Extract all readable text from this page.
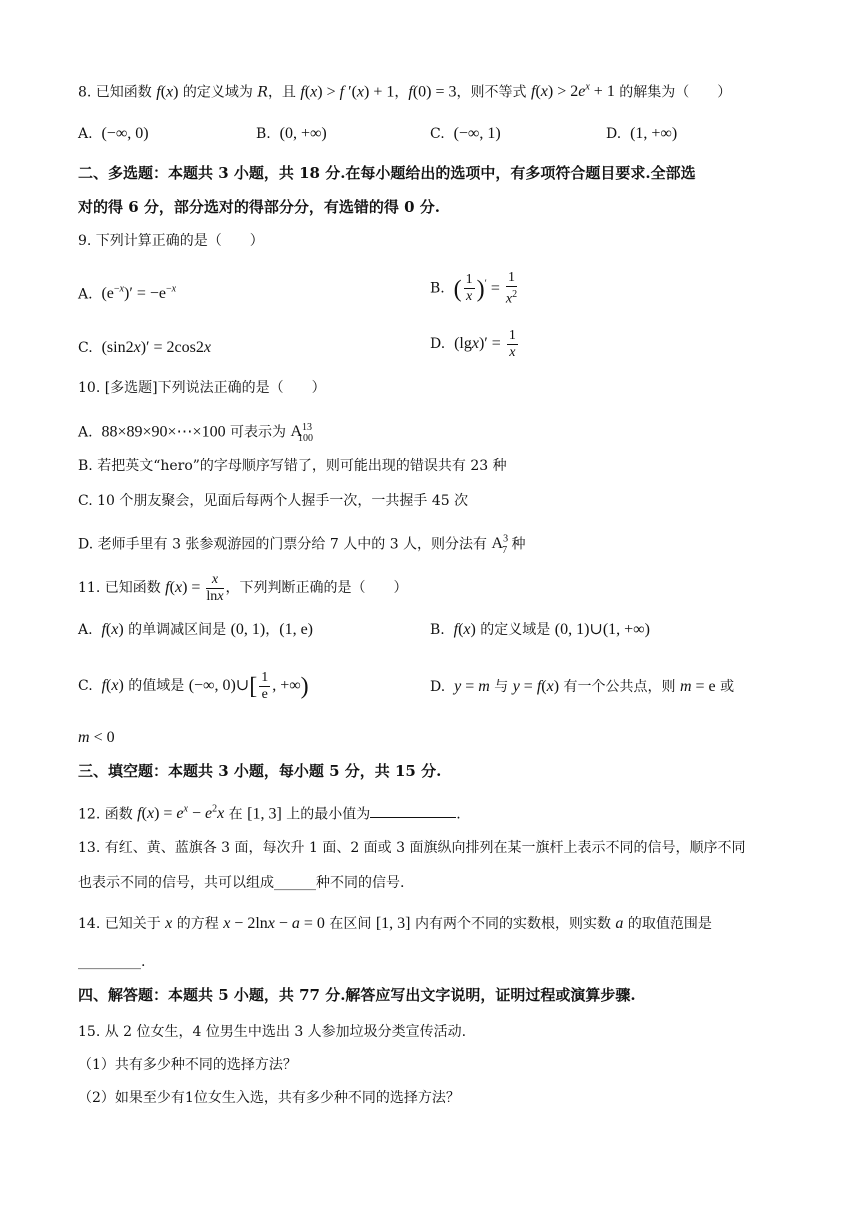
8. 已知函数 f(x) 的定义域为 R，且 f(x) > f ′(x) + 1，f(0) = 3，则不等式 $f(x) > 2e^x + 1$ 的解集为（　　）
A.  (−∞, 0)	B.  (0, +∞)	C.  (−∞, 1)	D.  (1, +∞)
二、多选题：本题共 3 小题，共 18 分.在每小题给出的选项中，有多项符合题目要求.全部选
对的得 6 分，部分选对的得部分分，有选错的得 0 分.
9. 下列计算正确的是（　　）
A.  $(e^{-x})' = -e^{-x}$	B.  ( $\frac{1}{x} )' = \frac{1}{x^2}$
C.  (sin2x)′ = 2cos2x	D.  $(\lg x)' = \frac{1}{x}$
10. [多选题]下列说法正确的是（　　）
A.  88×89×90×⋯×100 可表示为 $A^{13}_{100}$
B. 若把英文“hero”的字母顺序写错了，则可能出现的错误共有 23 种
C. 10 个朋友聚会，见面后每两个人握手一次，一共握手 45 次
D. 老师手里有 3 张参观游园的门票分给 7 人中的 3 人，则分法有 $A^3_7$ 种
11. 已知函数 $f(x) = \frac{x}{\ln x}$ ，下列判断正确的是（　　）
A.  f(x) 的单调减区间是 (0, 1)，(1, e)	B.  f(x) 的定义域是 (0, 1)∪(1, +∞)
C.  f(x) 的值域是 (−∞, 0)∪[ $\frac{1}{e}$ , +∞)	D.  y = m 与 y = f(x) 有一个公共点，则 m = e 或
m < 0
三、填空题：本题共 3 小题，每小题 5 分，共 15 分.
12. 函数 $f(x) = e^x - e^2x$ 在 [1, 3] 上的最小值为	.
13. 有红、黄、蓝旗各 3 面，每次升 1 面、2 面或 3 面旗纵向排列在某一旗杆上表示不同的信号，顺序不同
也表示不同的信号，共可以组成______种不同的信号.
14. 已知关于 x 的方程 x − 2lnx − a = 0 在区间 [1, 3] 内有两个不同的实数根，则实数 a 的取值范围是
_________.
四、解答题：本题共 5 小题，共 77 分.解答应写出文字说明，证明过程或演算步骤.
15. 从 2 位女生，4 位男生中选出 3 人参加垃圾分类宣传活动.
（1）共有多少种不同的选择方法？
（2）如果至少有1位女生入选，共有多少种不同的选择方法？
